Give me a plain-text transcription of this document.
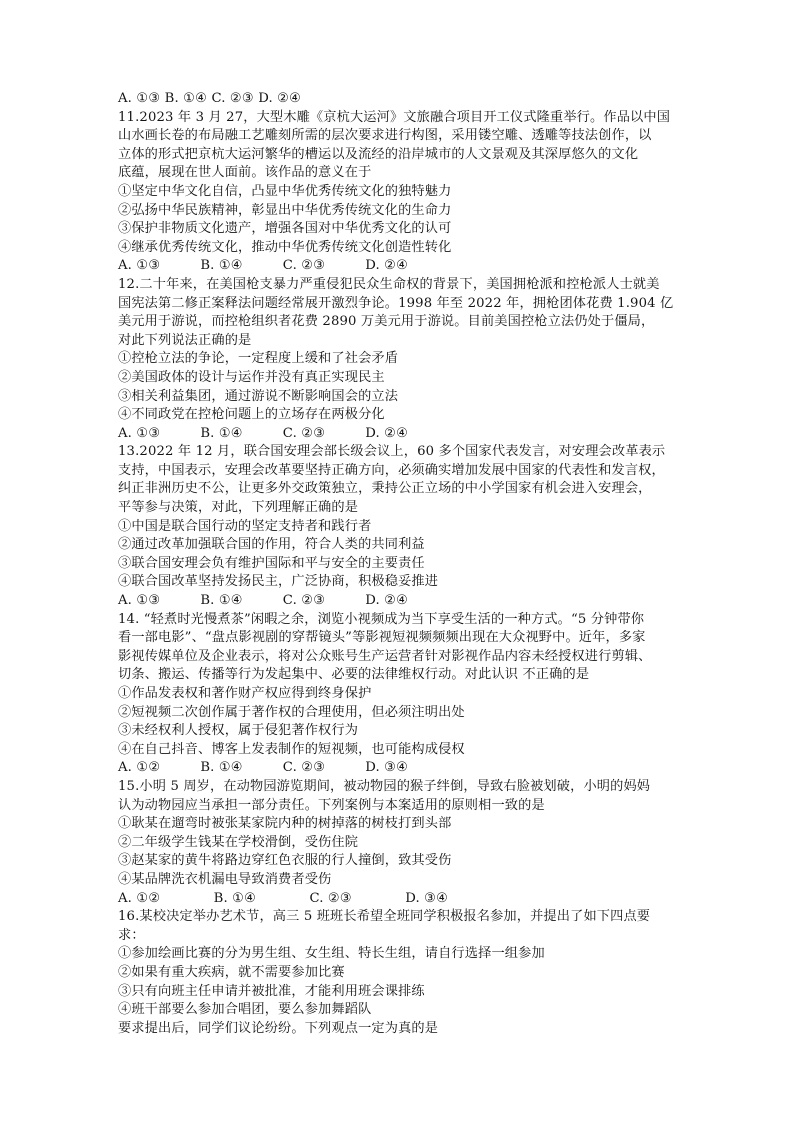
A. ①③ B. ①④ C. ②③ D. ②④
11.2023 年 3 月 27，大型木雕《京杭大运河》文旅融合项目开工仪式隆重举行。作品以中国
山水画长卷的布局融工艺雕刻所需的层次要求进行构图，采用镂空雕、透雕等技法创作，以
立体的形式把京杭大运河繁华的槽运以及流经的沿岸城市的人文景观及其深厚悠久的文化
底蕴，展现在世人面前。该作品的意义在于
①坚定中华文化自信，凸显中华优秀传统文化的独特魅力
②弘扬中华民族精神，彰显出中华优秀传统文化的生命力
③保护非物质文化遗产，增强各国对中华优秀文化的认可
④继承优秀传统文化，推动中华优秀传统文化创造性转化
A. ①③　　　B. ①④　　　C. ②③　　　D. ②④
12.二十年来，在美国枪支暴力严重侵犯民众生命权的背景下，美国拥枪派和控枪派人士就美
国宪法第二修正案释法问题经常展开激烈争论。1998 年至 2022 年，拥枪团体花费 1.904 亿
美元用于游说，而控枪组织者花费 2890 万美元用于游说。目前美国控枪立法仍处于僵局，
对此下列说法正确的是
①控枪立法的争论，一定程度上缓和了社会矛盾
②美国政体的设计与运作并没有真正实现民主
③相关利益集团，通过游说不断影响国会的立法
④不同政党在控枪问题上的立场存在两极分化
A. ①③　　　B. ①④　　　C. ②③　　　D. ②④
13.2022 年 12 月，联合国安理会部长级会议上，60 多个国家代表发言，对安理会改革表示
支持，中国表示，安理会改革要坚持正确方向，必须确实增加发展中国家的代表性和发言权，
纠正非洲历史不公，让更多外交政策独立，秉持公正立场的中小学国家有机会进入安理会，
平等参与决策，对此，下列理解正确的是
①中国是联合国行动的坚定支持者和践行者
②通过改革加强联合国的作用，符合人类的共同利益
③联合国安理会负有维护国际和平与安全的主要责任
④联合国改革坚持发扬民主，广泛协商，积极稳妥推进
A. ①③　　　B. ①④　　　C. ②③　　　D. ②④
14. “轻煮时光慢煮茶”闲暇之余，浏览小视频成为当下享受生活的一种方式。“5 分钟带你
看一部电影”、“盘点影视剧的穿帮镜头”等影视短视频频频出现在大众视野中。近年，多家
影视传媒单位及企业表示，将对公众账号生产运营者针对影视作品内容未经授权进行剪辑、
切条、搬运、传播等行为发起集中、必要的法律维权行动。对此认识 不正确的是
①作品发表权和著作财产权应得到终身保护
②短视频二次创作属于著作权的合理使用，但必须注明出处
③未经权利人授权，属于侵犯著作权行为
④在自己抖音、博客上发表制作的短视频，也可能构成侵权
A. ①②　　　B. ①④　　　C. ②③　　　D. ③④
15.小明 5 周岁，在动物园游览期间，被动物园的猴子绊倒，导致右脸被划破，小明的妈妈
认为动物园应当承担一部分责任。下列案例与本案适用的原则相一致的是
①耿某在遛弯时被张某家院内种的树掉落的树枝打到头部
②二年级学生钱某在学校滑倒，受伤住院
③赵某家的黄牛将路边穿红色衣服的行人撞倒，致其受伤
④某品牌洗衣机漏电导致消费者受伤
A. ①②　　　　B. ①④　　　　C. ②③　　　　D. ③④
16.某校决定举办艺术节，高三 5 班班长希望全班同学积极报名参加，并提出了如下四点要
求：
①参加绘画比赛的分为男生组、女生组、特长生组，请自行选择一组参加
②如果有重大疾病，就不需要参加比赛
③只有向班主任申请并被批准，才能利用班会课排练
④班干部要么参加合唱团，要么参加舞蹈队
要求提出后，同学们议论纷纷。下列观点一定为真的是
